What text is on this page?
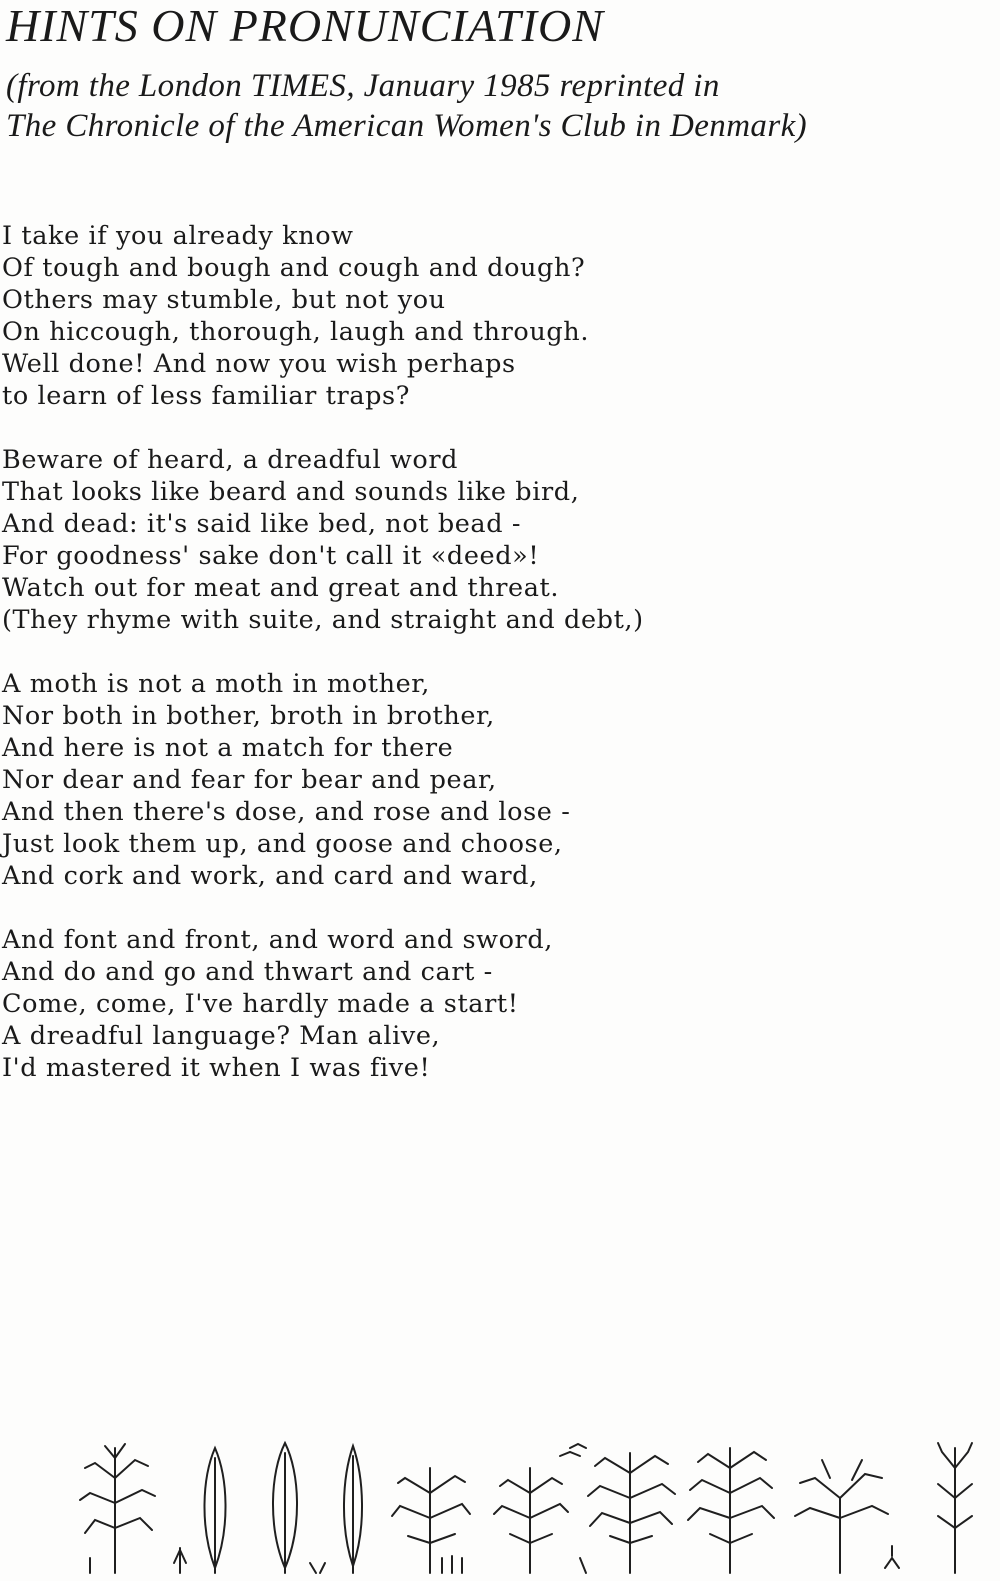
HINTS ON PRONUNCIATION
(from the London TIMES, January 1985 reprinted in
The Chronicle of the American Women's Club in Denmark)
I take if you already know
Of tough and bough and cough and dough?
Others may stumble, but not you
On hiccough, thorough, laugh and through.
Well done! And now you wish perhaps
to learn of less familiar traps?
Beware of heard, a dreadful word
That looks like beard and sounds like bird,
And dead: it's said like bed, not bead -
For goodness' sake don't call it «deed»!
Watch out for meat and great and threat.
(They rhyme with suite, and straight and debt,)
A moth is not a moth in mother,
Nor both in bother, broth in brother,
And here is not a match for there
Nor dear and fear for bear and pear,
And then there's dose, and rose and lose -
Just look them up, and goose and choose,
And cork and work, and card and ward,
And font and front, and word and sword,
And do and go and thwart and cart -
Come, come, I've hardly made a start!
A dreadful language? Man alive,
I'd mastered it when I was five!
